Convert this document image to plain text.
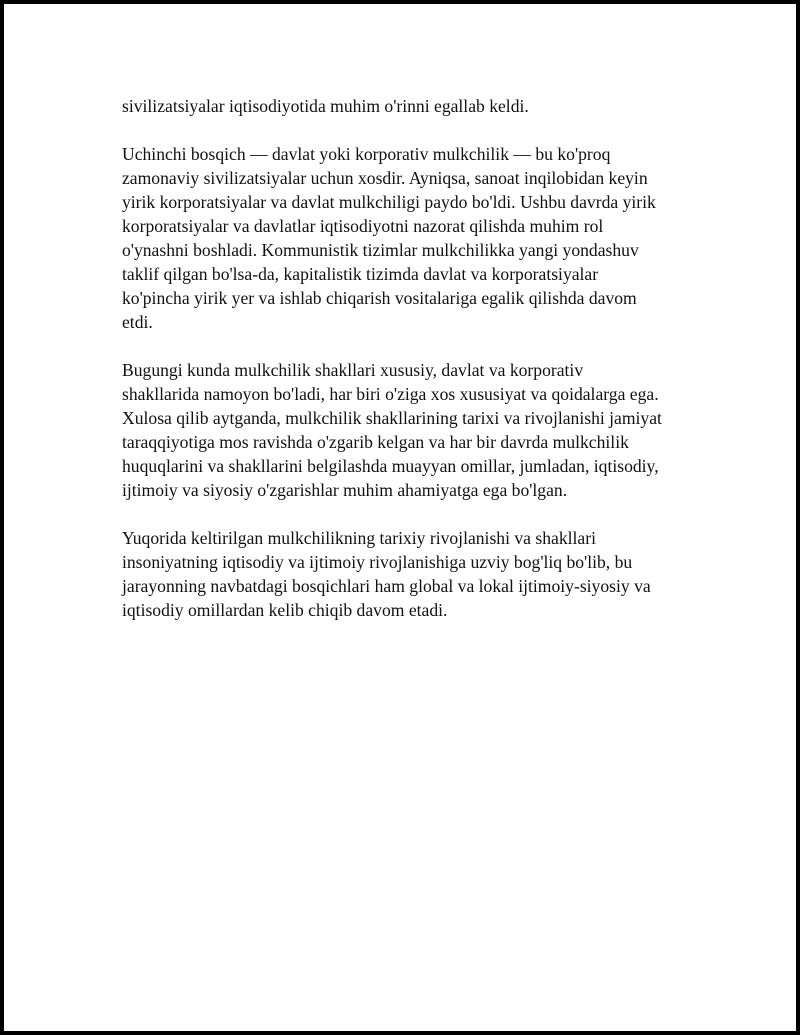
sivilizatsiyalar iqtisodiyotida muhim o'rinni egallab keldi.

Uchinchi bosqich — davlat yoki korporativ mulkchilik — bu ko'proq
zamonaviy sivilizatsiyalar uchun xosdir. Ayniqsa, sanoat inqilobidan keyin
yirik korporatsiyalar va davlat mulkchiligi paydo bo'ldi. Ushbu davrda yirik
korporatsiyalar va davlatlar iqtisodiyotni nazorat qilishda muhim rol
o'ynashni boshladi. Kommunistik tizimlar mulkchilikka yangi yondashuv
taklif qilgan bo'lsa-da, kapitalistik tizimda davlat va korporatsiyalar
ko'pincha yirik yer va ishlab chiqarish vositalariga egalik qilishda davom
etdi.

Bugungi kunda mulkchilik shakllari xususiy, davlat va korporativ
shakllarida namoyon bo'ladi, har biri o'ziga xos xususiyat va qoidalarga ega.
Xulosa qilib aytganda, mulkchilik shakllarining tarixi va rivojlanishi jamiyat
taraqqiyotiga mos ravishda o'zgarib kelgan va har bir davrda mulkchilik
huquqlarini va shakllarini belgilashda muayyan omillar, jumladan, iqtisodiy,
ijtimoiy va siyosiy o'zgarishlar muhim ahamiyatga ega bo'lgan.

Yuqorida keltirilgan mulkchilikning tarixiy rivojlanishi va shakllari
insoniyatning iqtisodiy va ijtimoiy rivojlanishiga uzviy bog'liq bo'lib, bu
jarayonning navbatdagi bosqichlari ham global va lokal ijtimoiy-siyosiy va
iqtisodiy omillardan kelib chiqib davom etadi.
